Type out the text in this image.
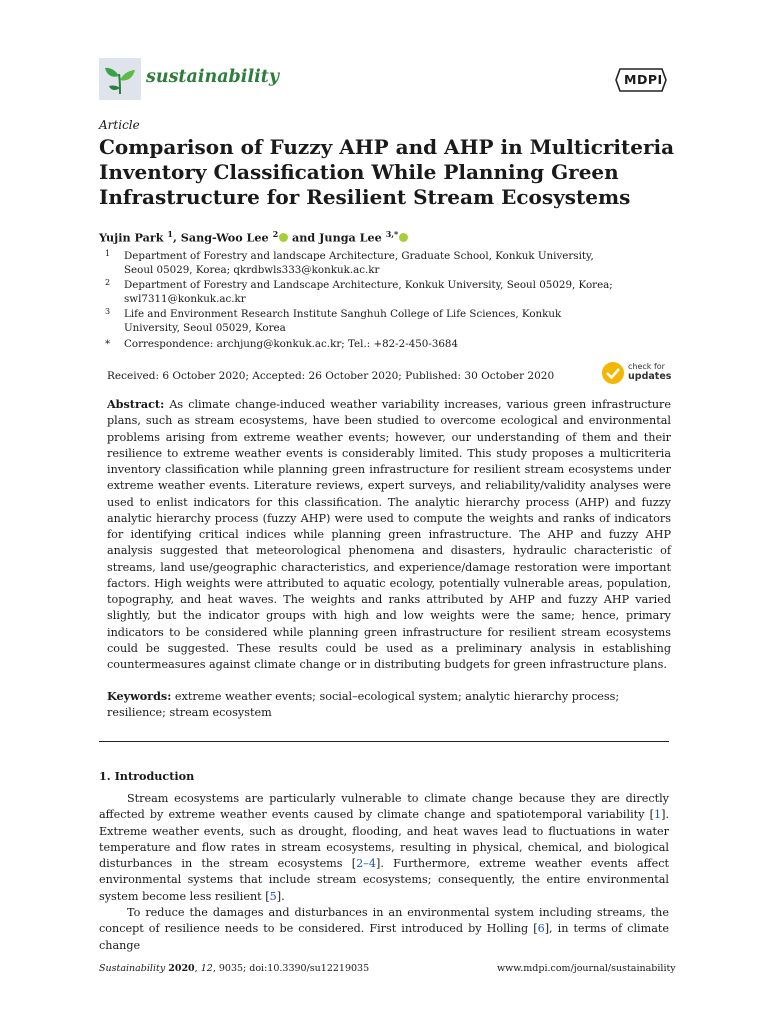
sustainability	MDPI
Article
Comparison of Fuzzy AHP and AHP in Multicriteria Inventory Classification While Planning Green Infrastructure for Resilient Stream Ecosystems
Yujin Park $^1$, Sang-Woo Lee $^2$ and Junga Lee $^{3,*}$
1 Department of Forestry and landscape Architecture, Graduate School, Konkuk University, Seoul 05029, Korea; qkrdbwls333@konkuk.ac.kr
2 Department of Forestry and Landscape Architecture, Konkuk University, Seoul 05029, Korea; swl7311@konkuk.ac.kr
3 Life and Environment Research Institute Sanghuh College of Life Sciences, Konkuk University, Seoul 05029, Korea
* Correspondence: archjung@konkuk.ac.kr; Tel.: +82-2-450-3684
Received: 6 October 2020; Accepted: 26 October 2020; Published: 30 October 2020
check for
updates
Abstract: As climate change-induced weather variability increases, various green infrastructure plans, such as stream ecosystems, have been studied to overcome ecological and environmental problems arising from extreme weather events; however, our understanding of them and their resilience to extreme weather events is considerably limited. This study proposes a multicriteria inventory classification while planning green infrastructure for resilient stream ecosystems under extreme weather events. Literature reviews, expert surveys, and reliability/validity analyses were used to enlist indicators for this classification. The analytic hierarchy process (AHP) and fuzzy analytic hierarchy process (fuzzy AHP) were used to compute the weights and ranks of indicators for identifying critical indices while planning green infrastructure. The AHP and fuzzy AHP analysis suggested that meteorological phenomena and disasters, hydraulic characteristic of streams, land use/geographic characteristics, and experience/damage restoration were important factors. High weights were attributed to aquatic ecology, potentially vulnerable areas, population, topography, and heat waves. The weights and ranks attributed by AHP and fuzzy AHP varied slightly, but the indicator groups with high and low weights were the same; hence, primary indicators to be considered while planning green infrastructure for resilient stream ecosystems could be suggested. These results could be used as a preliminary analysis in establishing countermeasures against climate change or in distributing budgets for green infrastructure plans.
Keywords: extreme weather events; social–ecological system; analytic hierarchy process; resilience; stream ecosystem
1. Introduction
Stream ecosystems are particularly vulnerable to climate change because they are directly affected by extreme weather events caused by climate change and spatiotemporal variability [1]. Extreme weather events, such as drought, flooding, and heat waves lead to fluctuations in water temperature and flow rates in stream ecosystems, resulting in physical, chemical, and biological disturbances in the stream ecosystems [2–4]. Furthermore, extreme weather events affect environmental systems that include stream ecosystems; consequently, the entire environmental system become less resilient [5].
To reduce the damages and disturbances in an environmental system including streams, the concept of resilience needs to be considered. First introduced by Holling [6], in terms of climate change
Sustainability 2020, 12, 9035; doi:10.3390/su12219035	www.mdpi.com/journal/sustainability
